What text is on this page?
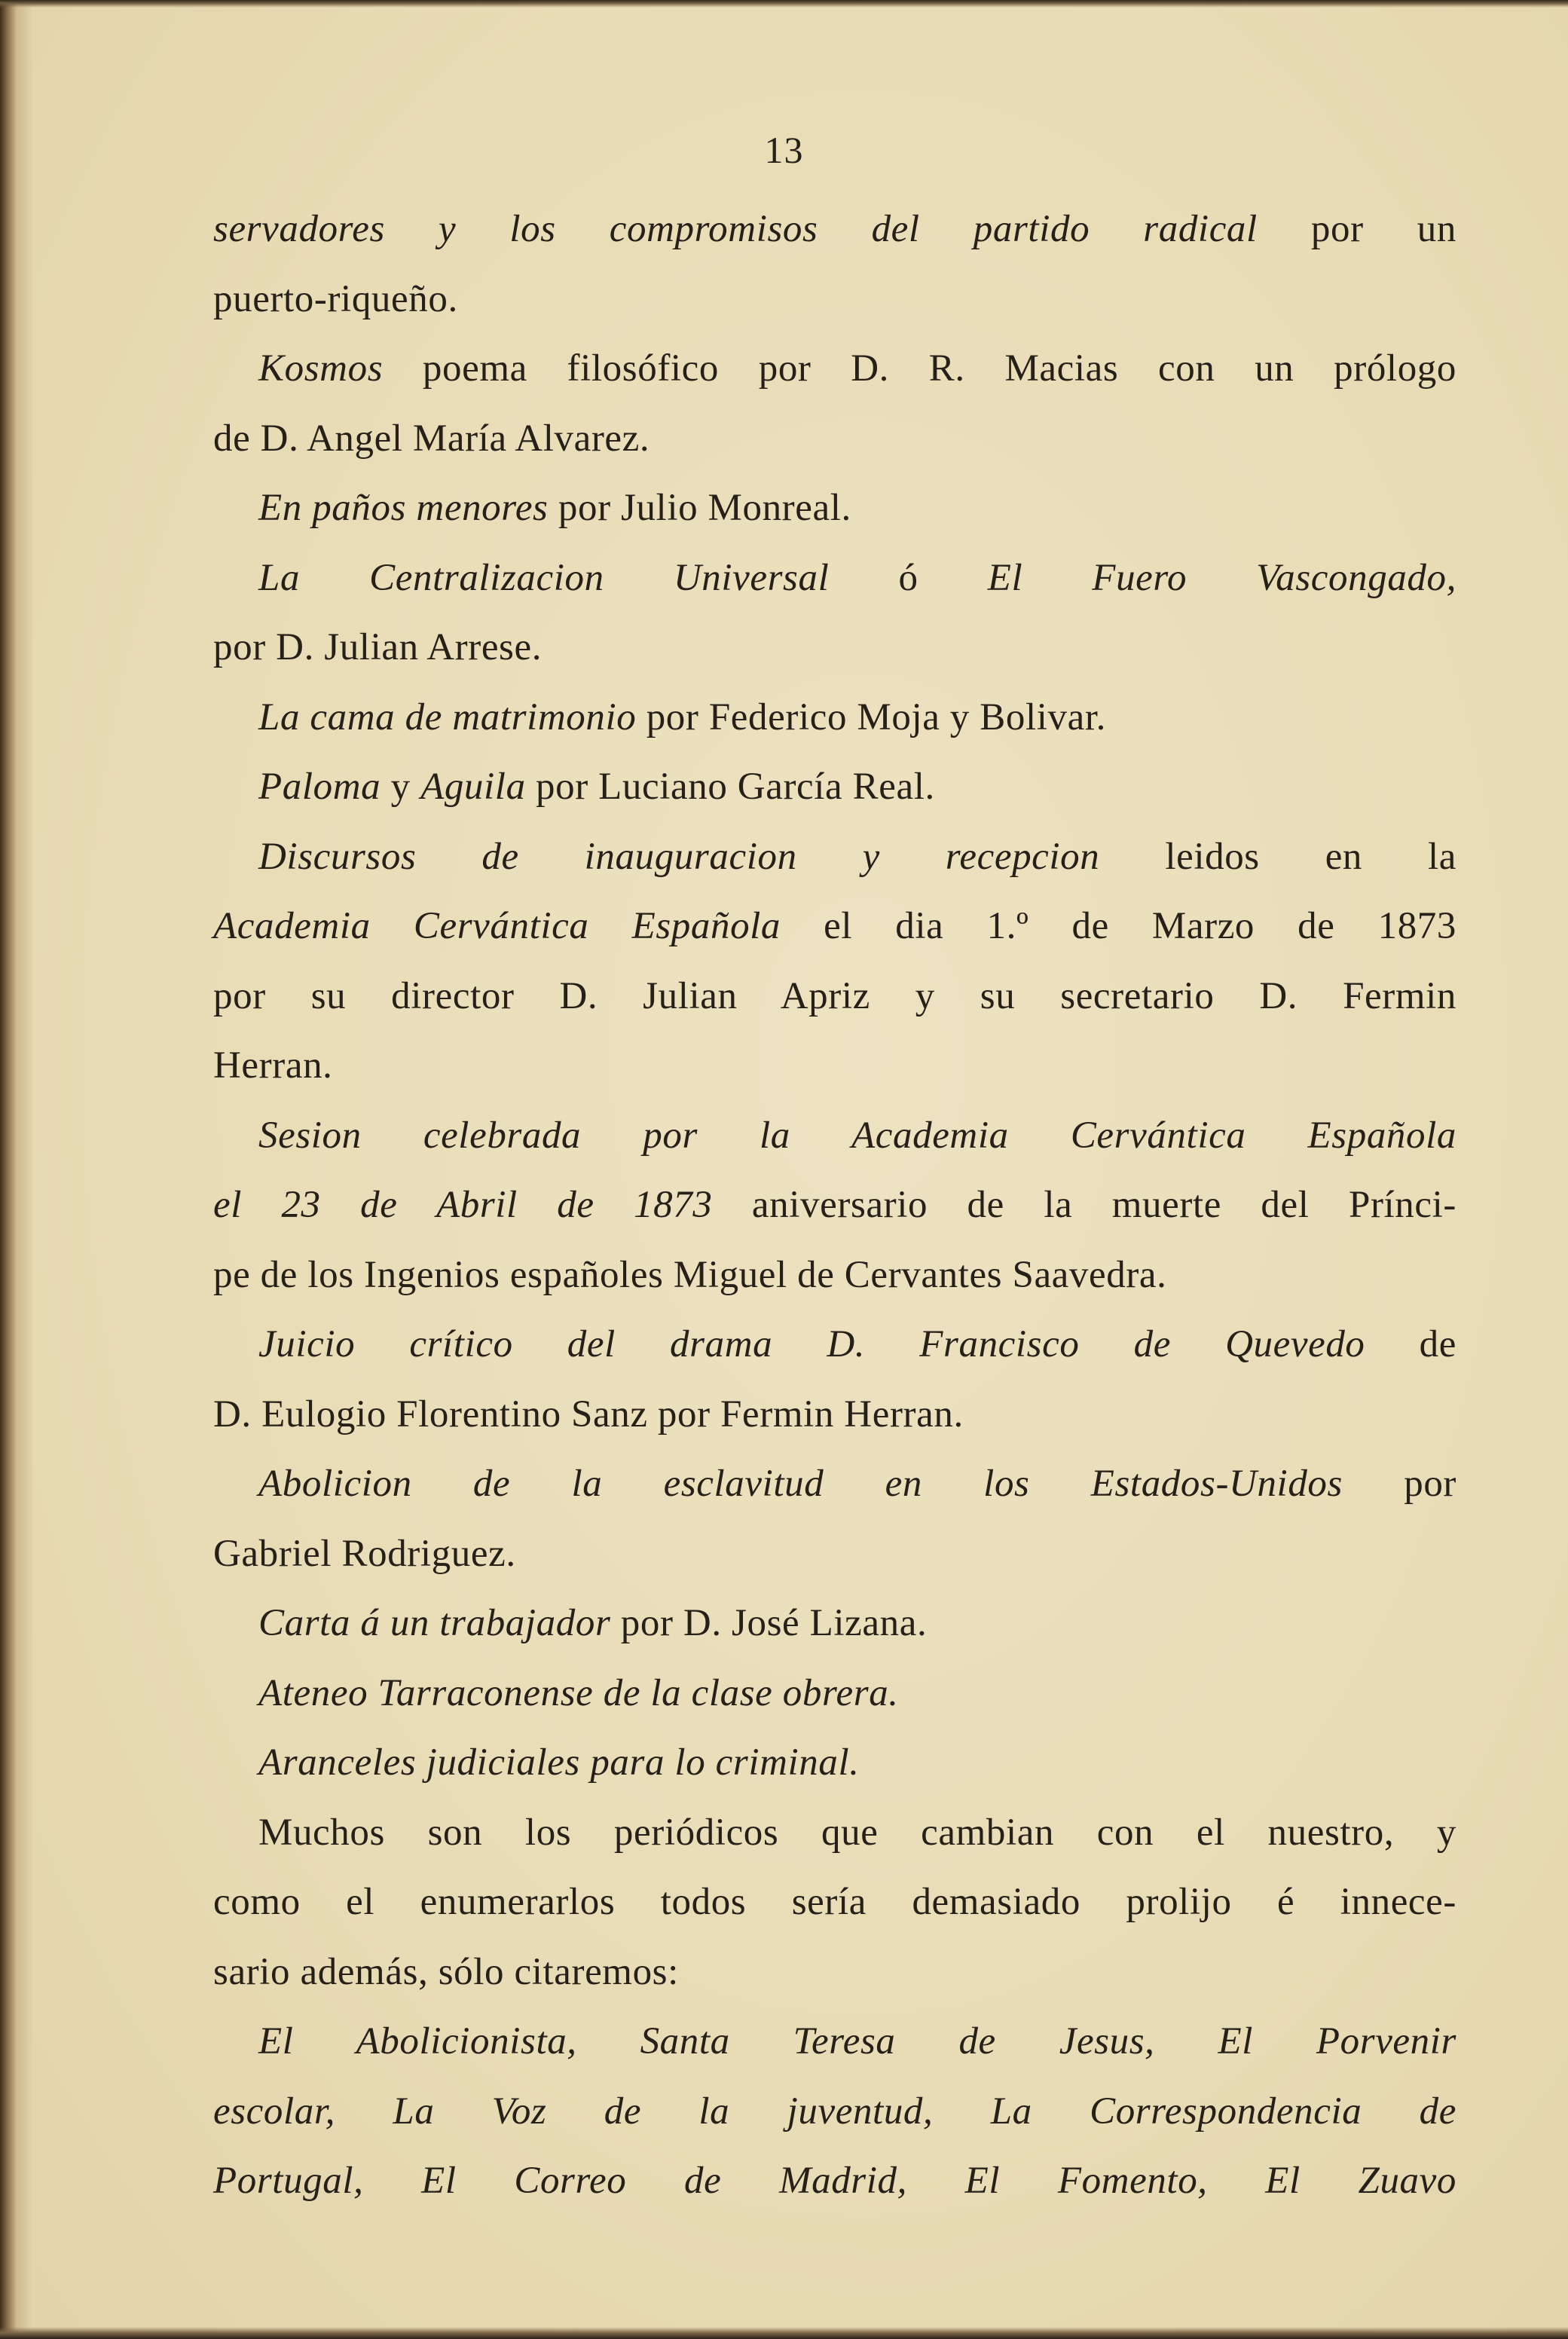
13
servadores y los compromisos del partido radical por un
puerto-riqueño.
Kosmos poema filosófico por D. R. Macias con un prólogo
de D. Angel María Alvarez.
En paños menores por Julio Monreal.
La Centralizacion Universal ó El Fuero Vascongado,
por D. Julian Arrese.
La cama de matrimonio por Federico Moja y Bolivar.
Paloma y Aguila por Luciano García Real.
Discursos de inauguracion y recepcion leidos en la
Academia Cervántica Española el dia 1.º de Marzo de 1873
por su director D. Julian Apriz y su secretario D. Fermin
Herran.
Sesion celebrada por la Academia Cervántica Española
el 23 de Abril de 1873 aniversario de la muerte del Prínci-
pe de los Ingenios españoles Miguel de Cervantes Saavedra.
Juicio crítico del drama D. Francisco de Quevedo de
D. Eulogio Florentino Sanz por Fermin Herran.
Abolicion de la esclavitud en los Estados-Unidos por
Gabriel Rodriguez.
Carta á un trabajador por D. José Lizana.
Ateneo Tarraconense de la clase obrera.
Aranceles judiciales para lo criminal.
Muchos son los periódicos que cambian con el nuestro, y
como el enumerarlos todos sería demasiado prolijo é innece-
sario además, sólo citaremos:
El Abolicionista, Santa Teresa de Jesus, El Porvenir
escolar, La Voz de la juventud, La Correspondencia de
Portugal, El Correo de Madrid, El Fomento, El Zuavo
